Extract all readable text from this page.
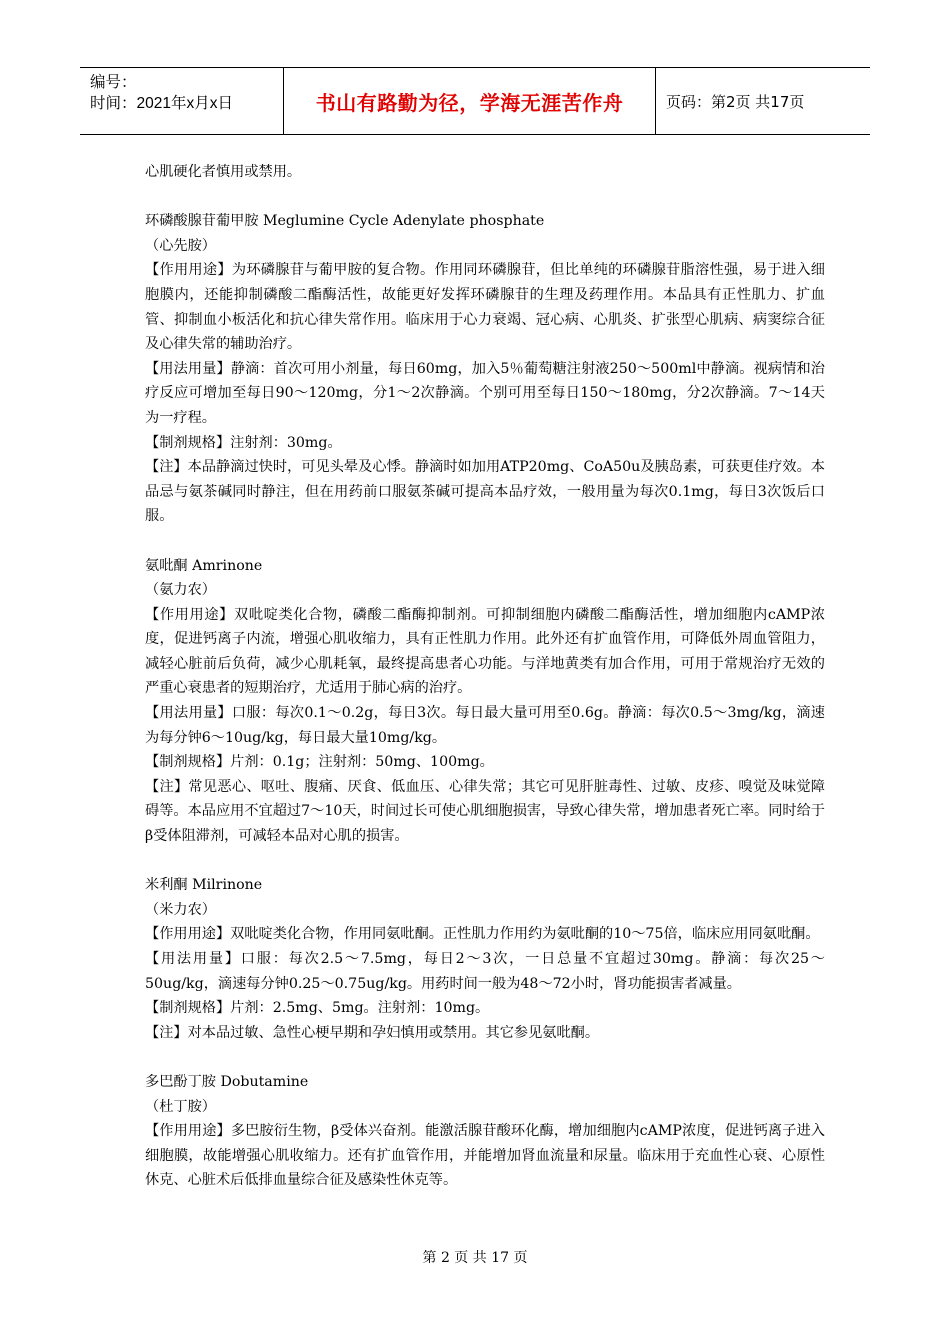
编号：
时间：2021年x月x日	书山有路勤为径，学海无涯苦作舟	页码：第2页 共17页

心肌硬化者慎用或禁用。

环磷酸腺苷葡甲胺 Meglumine Cycle Adenylate phosphate

（心先胺）

【作用用途】为环磷腺苷与葡甲胺的复合物。作用同环磷腺苷，但比单纯的环磷腺苷脂溶性强，易于进入细胞膜内，还能抑制磷酸二酯酶活性，故能更好发挥环磷腺苷的生理及药理作用。本品具有正性肌力、扩血管、抑制血小板活化和抗心律失常作用。临床用于心力衰竭、冠心病、心肌炎、扩张型心肌病、病窦综合征及心律失常的辅助治疗。

【用法用量】静滴：首次可用小剂量，每日60mg，加入5％葡萄糖注射液250～500ml中静滴。视病情和治疗反应可增加至每日90～120mg，分1～2次静滴。个别可用至每日150～180mg，分2次静滴。7～14天为一疗程。

【制剂规格】注射剂：30mg。

【注】本品静滴过快时，可见头晕及心悸。静滴时如加用ATP20mg、CoA50u及胰岛素，可获更佳疗效。本品忌与氨茶碱同时静注，但在用药前口服氨茶碱可提高本品疗效，一般用量为每次0.1mg，每日3次饭后口服。

氨吡酮 Amrinone

（氨力农）

【作用用途】双吡啶类化合物，磷酸二酯酶抑制剂。可抑制细胞内磷酸二酯酶活性，增加细胞内cAMP浓度，促进钙离子内流，增强心肌收缩力，具有正性肌力作用。此外还有扩血管作用，可降低外周血管阻力，减轻心脏前后负荷，减少心肌耗氧，最终提高患者心功能。与洋地黄类有加合作用，可用于常规治疗无效的严重心衰患者的短期治疗，尤适用于肺心病的治疗。

【用法用量】口服：每次0.1～0.2g，每日3次。每日最大量可用至0.6g。静滴：每次0.5～3mg/kg，滴速为每分钟6～10ug/kg，每日最大量10mg/kg。

【制剂规格】片剂：0.1g；注射剂：50mg、100mg。

【注】常见恶心、呕吐、腹痛、厌食、低血压、心律失常；其它可见肝脏毒性、过敏、皮疹、嗅觉及味觉障碍等。本品应用不宜超过7～10天，时间过长可使心肌细胞损害，导致心律失常，增加患者死亡率。同时给于β受体阻滞剂，可减轻本品对心肌的损害。

米利酮 Milrinone

（米力农）

【作用用途】双吡啶类化合物，作用同氨吡酮。正性肌力作用约为氨吡酮的10～75倍，临床应用同氨吡酮。

【用法用量】口服：每次2.5～7.5mg，每日2～3次，一日总量不宜超过30mg。静滴：每次25～50ug/kg，滴速每分钟0.25～0.75ug/kg。用药时间一般为48～72小时，肾功能损害者减量。

【制剂规格】片剂：2.5mg、5mg。注射剂：10mg。

【注】对本品过敏、急性心梗早期和孕妇慎用或禁用。其它参见氨吡酮。

多巴酚丁胺 Dobutamine

（杜丁胺）

【作用用途】多巴胺衍生物，β受体兴奋剂。能激活腺苷酸环化酶，增加细胞内cAMP浓度，促进钙离子进入细胞膜，故能增强心肌收缩力。还有扩血管作用，并能增加肾血流量和尿量。临床用于充血性心衰、心原性休克、心脏术后低排血量综合征及感染性休克等。

第 2 页 共 17 页
